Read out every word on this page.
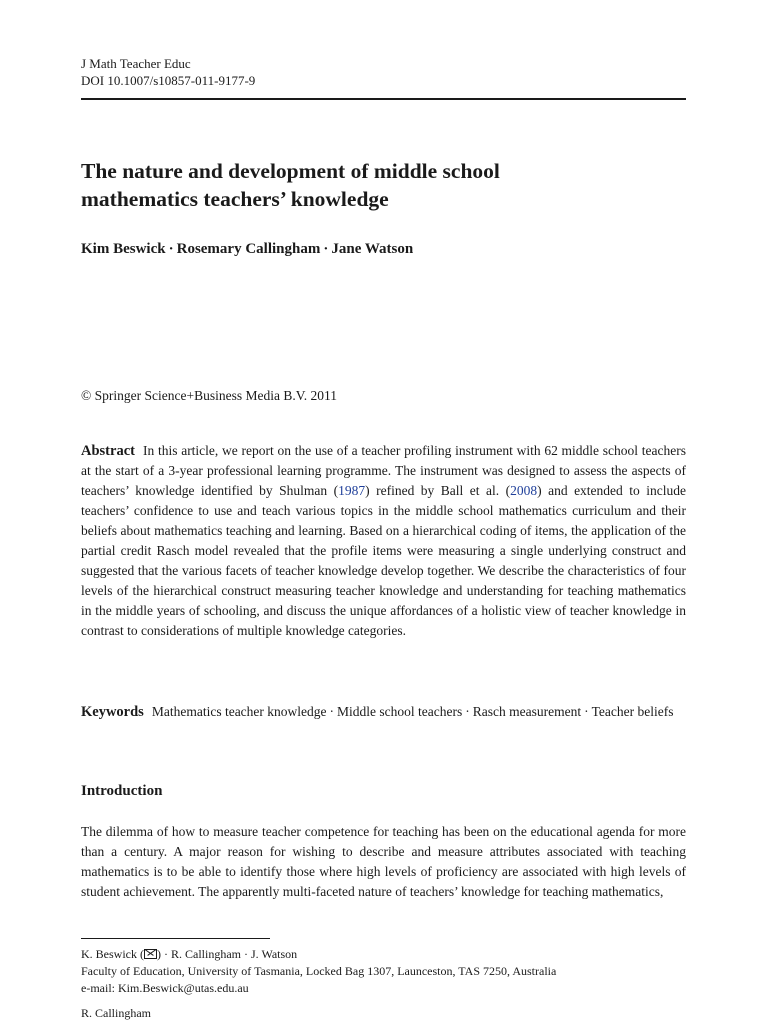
J Math Teacher Educ
DOI 10.1007/s10857-011-9177-9
The nature and development of middle school
mathematics teachers’ knowledge
Kim Beswick · Rosemary Callingham · Jane Watson
© Springer Science+Business Media B.V. 2011

Abstract In this article, we report on the use of a teacher profiling instrument with 62 middle school teachers at the start of a 3-year professional learning programme. The instrument was designed to assess the aspects of teachers’ knowledge identified by Shulman (1987) refined by Ball et al. (2008) and extended to include teachers’ confidence to use and teach various topics in the middle school mathematics curriculum and their beliefs about mathematics teaching and learning. Based on a hierarchical coding of items, the application of the partial credit Rasch model revealed that the profile items were measuring a single underlying construct and suggested that the various facets of teacher knowledge develop together. We describe the characteristics of four levels of the hierarchical construct measuring teacher knowledge and understanding for teaching mathematics in the middle years of schooling, and discuss the unique affordances of a holistic view of teacher knowledge in contrast to considerations of multiple knowledge categories.

Keywords Mathematics teacher knowledge · Middle school teachers · Rasch measurement · Teacher beliefs

Introduction

The dilemma of how to measure teacher competence for teaching has been on the educational agenda for more than a century. A major reason for wishing to describe and measure attributes associated with teaching mathematics is to be able to identify those where high levels of proficiency are associated with high levels of student achievement. The apparently multi-faceted nature of teachers’ knowledge for teaching mathematics,

K. Beswick ( ) · R. Callingham · J. Watson
Faculty of Education, University of Tasmania, Locked Bag 1307, Launceston, TAS 7250, Australia
e-mail: Kim.Beswick@utas.edu.au
R. Callingham
